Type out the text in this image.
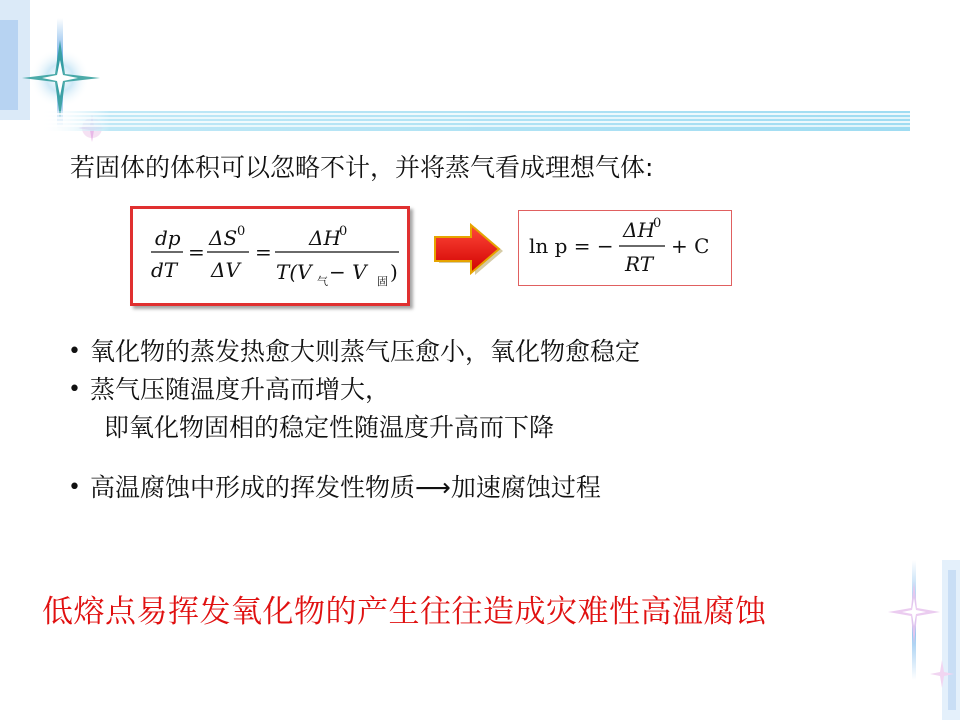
若固体的体积可以忽略不计，并将蒸气看成理想气体:
dp
dT
=
ΔS 0
ΔV
=
ΔH
0
T(V 气 − V 固 )
ln p = −
ΔH
0
RT
+ C
• 氧化物的蒸发热愈大则蒸气压愈小，氧化物愈稳定
• 蒸气压随温度升高而增大，
即氧化物固相的稳定性随温度升高而下降
• 高温腐蚀中形成的挥发性物质⟶加速腐蚀过程
低熔点易挥发氧化物的产生往往造成灾难性高温腐蚀
